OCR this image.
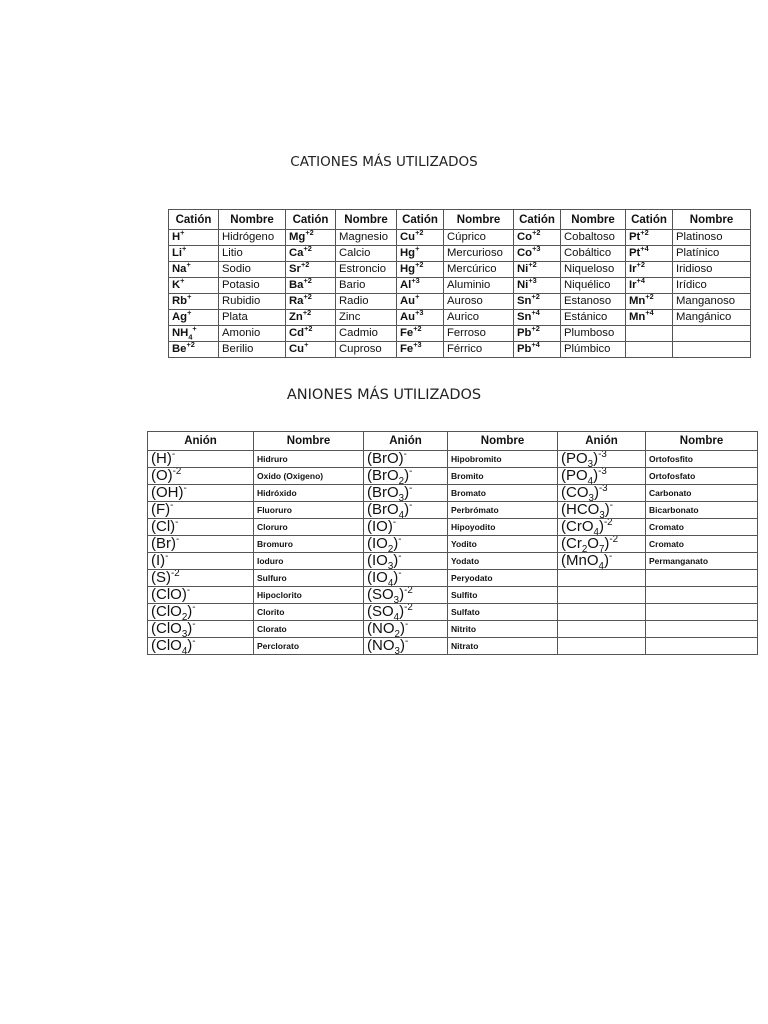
CATIONES MÁS UTILIZADOS
Catión	Nombre	Catión	Nombre	Catión	Nombre	Catión	Nombre	Catión	Nombre
H+	Hidrógeno	$Mg^{+2}$	Magnesio	$Cu^{+2}$	Cúprico	$Co^{+2}$	Cobaltoso	$Pt^{+2}$	Platinoso
Li+	Litio	$Ca^{+2}$	Calcio	Hg+	Mercurioso	$Co^{+3}$	Cobáltico	$Pt^{+4}$	Platínico
Na+	Sodio	$Sr^{+2}$	Estroncio	$Hg^{+2}$	Mercúrico	$Ni^{+2}$	Niqueloso	$Ir^{+2}$	Iridioso
K+	Potasio	$Ba^{+2}$	Bario	$Al^{+3}$	Aluminio	$Ni^{+3}$	Niquélico	$Ir^{+4}$	Irídico
Rb+	Rubidio	$Ra^{+2}$	Radio	Au+	Auroso	$Sn^{+2}$	Estanoso	$Mn^{+2}$	Manganoso
Ag+	Plata	$Zn^{+2}$	Zinc	$Au^{+3}$	Aurico	$Sn^{+4}$	Estánico	$Mn^{+4}$	Mangánico
$NH_4^+$	Amonio	$Cd^{+2}$	Cadmio	$Fe^{+2}$	Ferroso	$Pb^{+2}$	Plumboso		
$Be^{+2}$	Berilio	Cu+	Cuproso	$Fe^{+3}$	Férrico	$Pb^{+4}$	Plúmbico		
ANIONES MÁS UTILIZADOS
Anión	Nombre	Anión	Nombre	Anión	Nombre
(H)-	Hidruro	(BrO)-	Hipobromito	$(PO_3)^{-3}$	Ortofosfito
$(O)^{-2}$	Oxido (Oxigeno)	(BrO$_2$)-	Bromito	$(PO_4)^{-3}$	Ortofosfato
(OH)-	Hidróxido	(BrO$_3$)-	Bromato	$(CO_3)^{-3}$	Carbonato
(F)-	Fluoruro	(BrO$_4$)-	Perbrómato	$(HCO_3)^-$	Bicarbonato
(Cl)-	Cloruro	(IO)-	Hipoyodito	$(CrO_4)^{-2}$	Cromato
(Br)-	Bromuro	$(IO_2)^-$	Yodito	$(Cr_2O_7)^{-2}$	Cromato
(I)-	Ioduro	$(IO_3)^-$	Yodato	(MnO$_4$)-	Permanganato
$(S)^{-2}$	Sulfuro	$(IO_4)^-$	Peryodato		
(ClO)-	Hipoclorito	$(SO_3)^{-2}$	Sulfito		
(ClO$_2$)-	Clorito	$(SO_4)^{-2}$	Sulfato		
(ClO$_3$)-	Clorato	$(NO_2)^-$	Nitrito		
(ClO$_4$)-	Perclorato	$(NO_3)^-$	Nitrato		
